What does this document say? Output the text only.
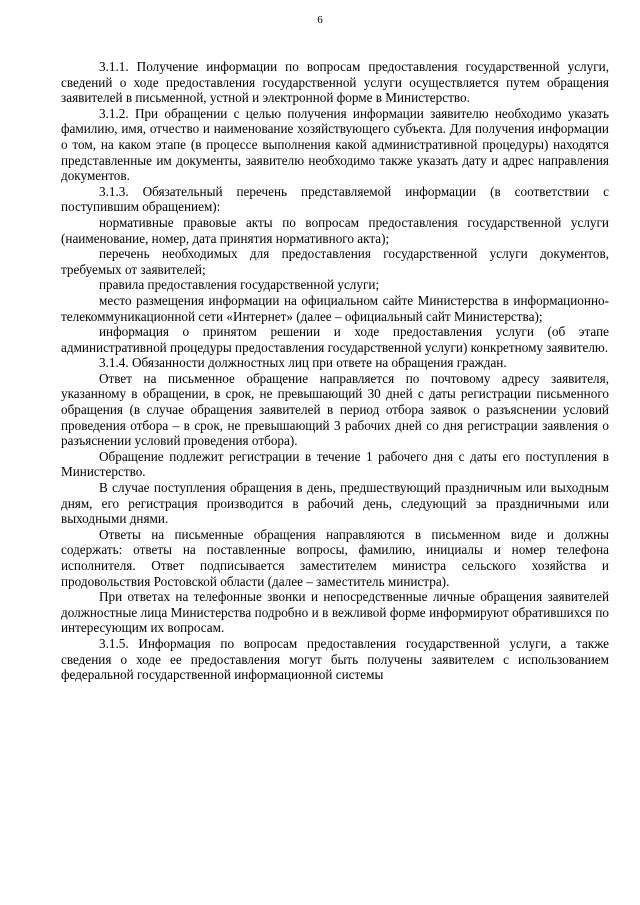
6

3.1.1. Получение информации по вопросам предоставления государственной услуги, сведений о ходе предоставления государственной услуги осуществляется путем обращения заявителей в письменной, устной и электронной форме в Министерство.

3.1.2. При обращении с целью получения информации заявителю необходимо указать фамилию, имя, отчество и наименование хозяйствующего субъекта. Для получения информации о том, на каком этапе (в процессе выполнения какой административной процедуры) находятся представленные им документы, заявителю необходимо также указать дату и адрес направления документов.

3.1.3. Обязательный перечень представляемой информации (в соответствии с поступившим обращением):

нормативные правовые акты по вопросам предоставления государственной услуги (наименование, номер, дата принятия нормативного акта);

перечень необходимых для предоставления государственной услуги документов, требуемых от заявителей;

правила предоставления государственной услуги;

место размещения информации на официальном сайте Министерства в информационно-телекоммуникационной сети «Интернет» (далее – официальный сайт Министерства);

информация о принятом решении и ходе предоставления услуги (об этапе административной процедуры предоставления государственной услуги) конкретному заявителю.

3.1.4. Обязанности должностных лиц при ответе на обращения граждан.

Ответ на письменное обращение направляется по почтовому адресу заявителя, указанному в обращении, в срок, не превышающий 30 дней с даты регистрации письменного обращения (в случае обращения заявителей в период отбора заявок о разъяснении условий проведения отбора – в срок, не превышающий 3 рабочих дней со дня регистрации заявления о разъяснении условий проведения отбора).

Обращение подлежит регистрации в течение 1 рабочего дня с даты его поступления в Министерство.

В случае поступления обращения в день, предшествующий праздничным или выходным дням, его регистрация производится в рабочий день, следующий за праздничными или выходными днями.

Ответы на письменные обращения направляются в письменном виде и должны содержать: ответы на поставленные вопросы, фамилию, инициалы и номер телефона исполнителя. Ответ подписывается заместителем министра сельского хозяйства и продовольствия Ростовской области (далее – заместитель министра).

При ответах на телефонные звонки и непосредственные личные обращения заявителей должностные лица Министерства подробно и в вежливой форме информируют обратившихся по интересующим их вопросам.

3.1.5. Информация по вопросам предоставления государственной услуги, а также сведения о ходе ее предоставления могут быть получены заявителем с использованием федеральной государственной информационной системы
